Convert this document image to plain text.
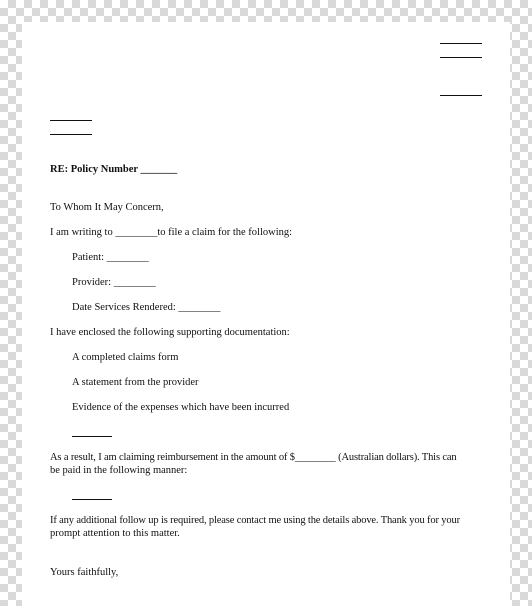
RE: Policy Number _______
To Whom It May Concern,
I am writing to ________to file a claim for the following:
Patient: ________
Provider: ________
Date Services Rendered: ________
I have enclosed the following supporting documentation:
A completed claims form
A statement from the provider
Evidence of the expenses which have been incurred
As a result, I am claiming reimbursement in the amount of $________ (Australian dollars). This can
be paid in the following manner:
If any additional follow up is required, please contact me using the details above. Thank you for your
prompt attention to this matter.
Yours faithfully,
